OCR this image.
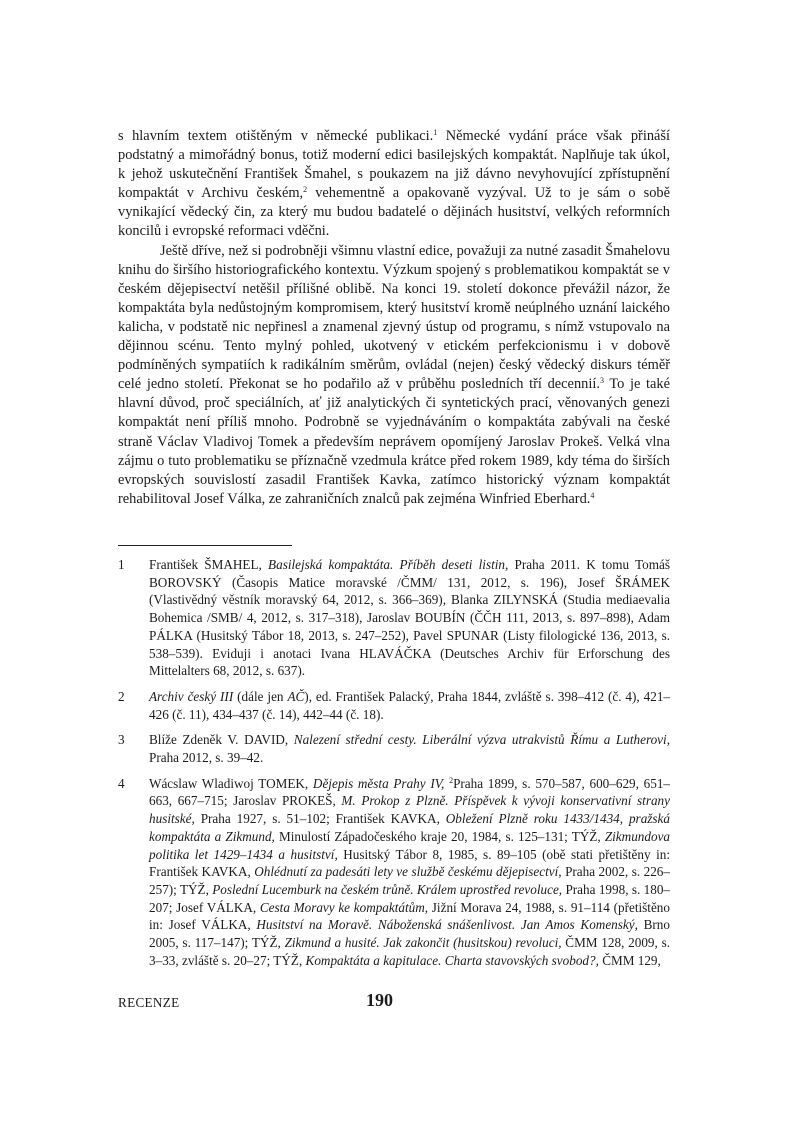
s hlavním textem otištěným v německé publikaci.$^1$ Německé vydání práce však přináší podstatný a mimořádný bonus, totiž moderní edici basilejských kompaktát. Naplňuje tak úkol, k jehož uskutečnění František Šmahel, s poukazem na již dávno nevyhovující zpřístupnění kompaktát v Archivu českém,$^2$ vehementně a opakovaně vyzýval. Už to je sám o sobě vynikající vědecký čin, za který mu budou badatelé o dějinách husitství, velkých reformních koncilů i evropské reformaci vděčni.

Ještě dříve, než si podrobněji všimnu vlastní edice, považuji za nutné zasadit Šmahelovu knihu do širšího historiografického kontextu. Výzkum spojený s problematikou kompaktát se v českém dějepisectví netěšil přílišné oblibě. Na konci 19. století dokonce převážil názor, že kompaktáta byla nedůstojným kompromisem, který husitství kromě neúplného uznání laického kalicha, v podstatě nic nepřinesl a znamenal zjevný ústup od programu, s nímž vstupovalo na dějinnou scénu. Tento mylný pohled, ukotvený v etickém perfekcionismu i v dobově podmíněných sympatiích k radikálním směrům, ovládal (nejen) český vědecký diskurs téměř celé jedno století. Překonat se ho podařilo až v průběhu posledních tří decennií.$^3$ To je také hlavní důvod, proč speciálních, ať již analytických či syntetických prací, věnovaných genezi kompaktát není příliš mnoho. Podrobně se vyjednáváním o kompaktáta zabývali na české straně Václav Vladivoj Tomek a především neprávem opomíjený Jaroslav Prokeš. Velká vlna zájmu o tuto problematiku se příznačně vzedmula krátce před rokem 1989, kdy téma do širších evropských souvislostí zasadil František Kavka, zatímco historický význam kompaktát rehabilitoval Josef Válka, ze zahraničních znalců pak zejména Winfried Eberhard.$^4$

1 František ŠMAHEL, Basilejská kompaktáta. Příběh deseti listin, Praha 2011. K tomu Tomáš BOROVSKÝ (Časopis Matice moravské /ČMM/ 131, 2012, s. 196), Josef ŠRÁMEK (Vlastivědný věstník moravský 64, 2012, s. 366–369), Blanka ZILYNSKÁ (Studia mediaevalia Bohemica /SMB/ 4, 2012, s. 317–318), Jaroslav BOUBÍN (ČČH 111, 2013, s. 897–898), Adam PÁLKA (Husitský Tábor 18, 2013, s. 247–252), Pavel SPUNAR (Listy filologické 136, 2013, s. 538–539). Eviduji i anotaci Ivana HLAVÁČKA (Deutsches Archiv für Erforschung des Mittelalters 68, 2012, s. 637).
2 Archiv český III (dále jen AČ), ed. František Palacký, Praha 1844, zvláště s. 398–412 (č. 4), 421–426 (č. 11), 434–437 (č. 14), 442–44 (č. 18).
3 Blíže Zdeněk V. DAVID, Nalezení střední cesty. Liberální výzva utrakvistů Římu a Lutherovi, Praha 2012, s. 39–42.
4 Wácslaw Wladiwoj TOMEK, Dějepis města Prahy IV, $^2$Praha 1899, s. 570–587, 600–629, 651–663, 667–715; Jaroslav PROKEŠ, M. Prokop z Plzně. Příspěvek k vývoji konservativní strany husitské, Praha 1927, s. 51–102; František KAVKA, Obležení Plzně roku 1433/1434, pražská kompaktáta a Zikmund, Minulostí Západočeského kraje 20, 1984, s. 125–131; TÝŽ, Zikmundova politika let 1429–1434 a husitství, Husitský Tábor 8, 1985, s. 89–105 (obě stati přetištěny in: František KAVKA, Ohlédnutí za padesáti lety ve službě českému dějepisectví, Praha 2002, s. 226–257); TÝŽ, Poslední Lucemburk na českém trůně. Králem uprostřed revoluce, Praha 1998, s. 180–207; Josef VÁLKA, Cesta Moravy ke kompaktátům, Jižní Morava 24, 1988, s. 91–114 (přetištěno in: Josef VÁLKA, Husitství na Moravě. Náboženská snášenlivost. Jan Amos Komenský, Brno 2005, s. 117–147); TÝŽ, Zikmund a husité. Jak zakončit (husitskou) revoluci, ČMM 128, 2009, s. 3–33, zvláště s. 20–27; TÝŽ, Kompaktáta a kapitulace. Charta stavovských svobod?, ČMM 129,
RECENZE	190
